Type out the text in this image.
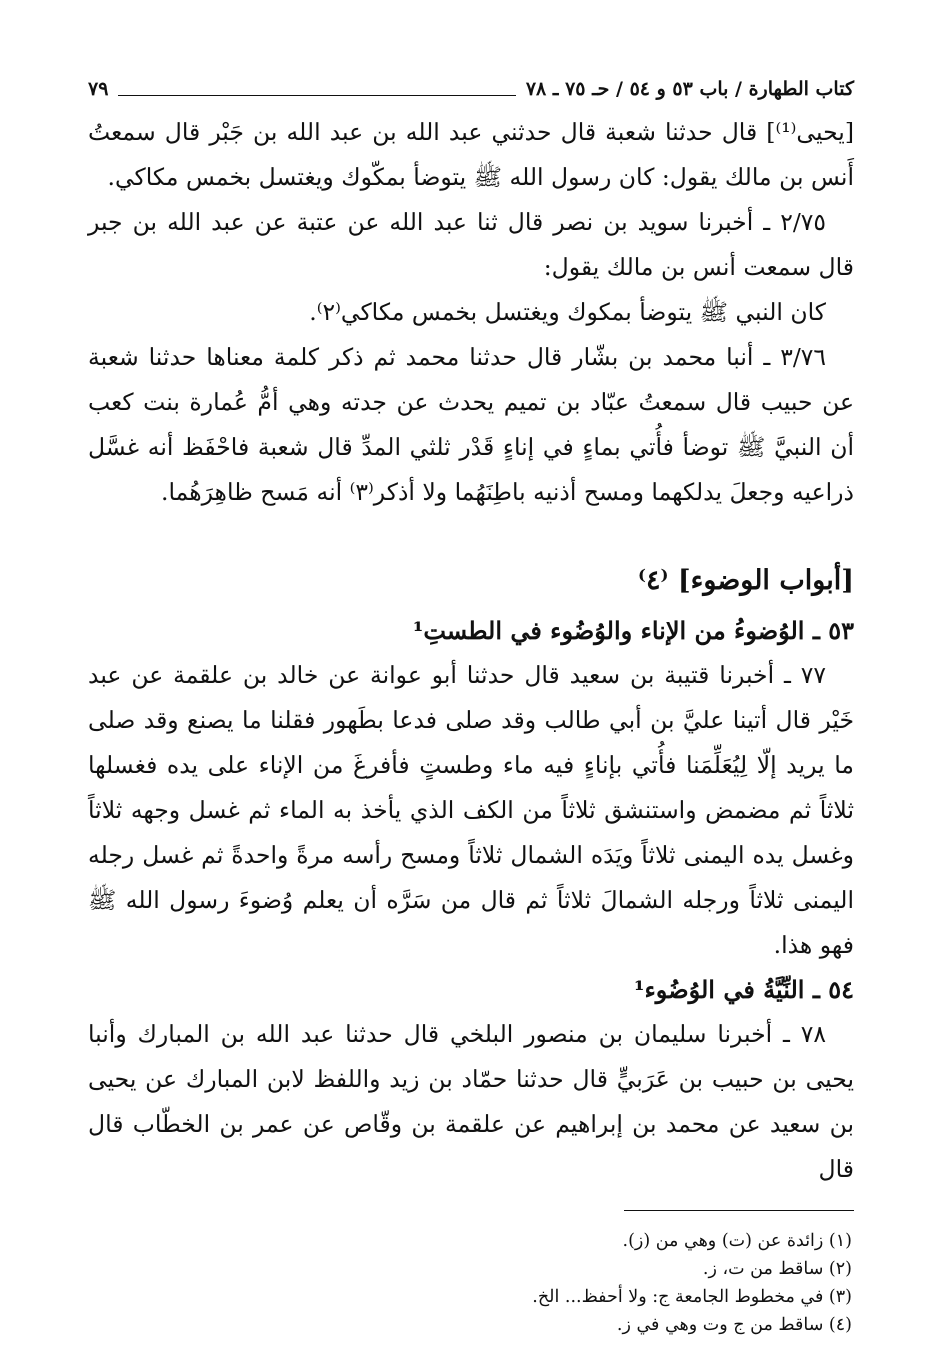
كتاب الطهارة / باب ٥٣ و ٥٤ / حـ ٧٥ ـ ٧٨
٧٩

[يحيى⁽¹⁾] قال حدثنا شعبة قال حدثني عبد الله بن عبد الله بن جَبْر قال سمعتُ أَنس بن مالك يقول: كان رسول الله ﷺ يتوضأ بمكّوك ويغتسل بخمس مكاكي.

٢/٧٥ ـ أخبرنا سويد بن نصر قال ثنا عبد الله عن عتبة عن عبد الله بن جبر قال سمعت أنس بن مالك يقول:

كان النبي ﷺ يتوضأ بمكوك ويغتسل بخمس مكاكي⁽٢⁾.

٣/٧٦ ـ أنبا محمد بن بشّار قال حدثنا محمد ثم ذكر كلمة معناها حدثنا شعبة عن حبيب قال سمعتُ عبّاد بن تميم يحدث عن جدته وهي أمُّ عُمارة بنت كعب أن النبيَّ ﷺ توضأ فأُتي بماءٍ في إناءٍ قَدْر ثلثي المدِّ قال شعبة فاحْفَظ أنه غسَّل ذراعيه وجعلَ يدلكهما ومسح أذنيه باطِنَهُما ولا أذكر⁽٣⁾ أنه مَسح ظاهِرَهُما.

[أبواب الوضوء] ⁽٤⁾
٥٣ ـ الوُضوءُ من الإناء والوُضُوء في الطستِ¹

٧٧ ـ أخبرنا قتيبة بن سعيد قال حدثنا أبو عوانة عن خالد بن علقمة عن عبد خَيْر قال أتينا عليَّ بن أبي طالب وقد صلى فدعا بطَهور فقلنا ما يصنع وقد صلى ما يريد إلّا لِيُعَلِّمَنا فأُتي بإناءٍ فيه ماء وطستٍ فأفرغَ من الإناء على يده فغسلها ثلاثاً ثم مضمض واستنشق ثلاثاً من الكف الذي يأخذ به الماء ثم غسل وجهه ثلاثاً وغسل يده اليمنى ثلاثاً ويَدَه الشمال ثلاثاً ومسح رأسه مرةً واحدةً ثم غسل رجله اليمنى ثلاثاً ورجله الشمالَ ثلاثاً ثم قال من سَرَّه أن يعلم وُضوءَ رسول الله ﷺ فهو هذا.

٥٤ ـ النِّيَّةُ في الوُضُوء¹

٧٨ ـ أخبرنا سليمان بن منصور البلخي قال حدثنا عبد الله بن المبارك وأنبا يحيى بن حبيب بن عَرَبيٍّ قال حدثنا حمّاد بن زيد واللفظ لابن المبارك عن يحيى بن سعيد عن محمد بن إبراهيم عن علقمة بن وقّاص عن عمر بن الخطّاب قال قال

(١) زائدة عن (ت) وهي من (ز).

(٢) ساقط من ت، ز.

(٣) في مخطوط الجامعة ج: ولا أحفظ... الخ.

(٤) ساقط من ج وت وهي في ز.
